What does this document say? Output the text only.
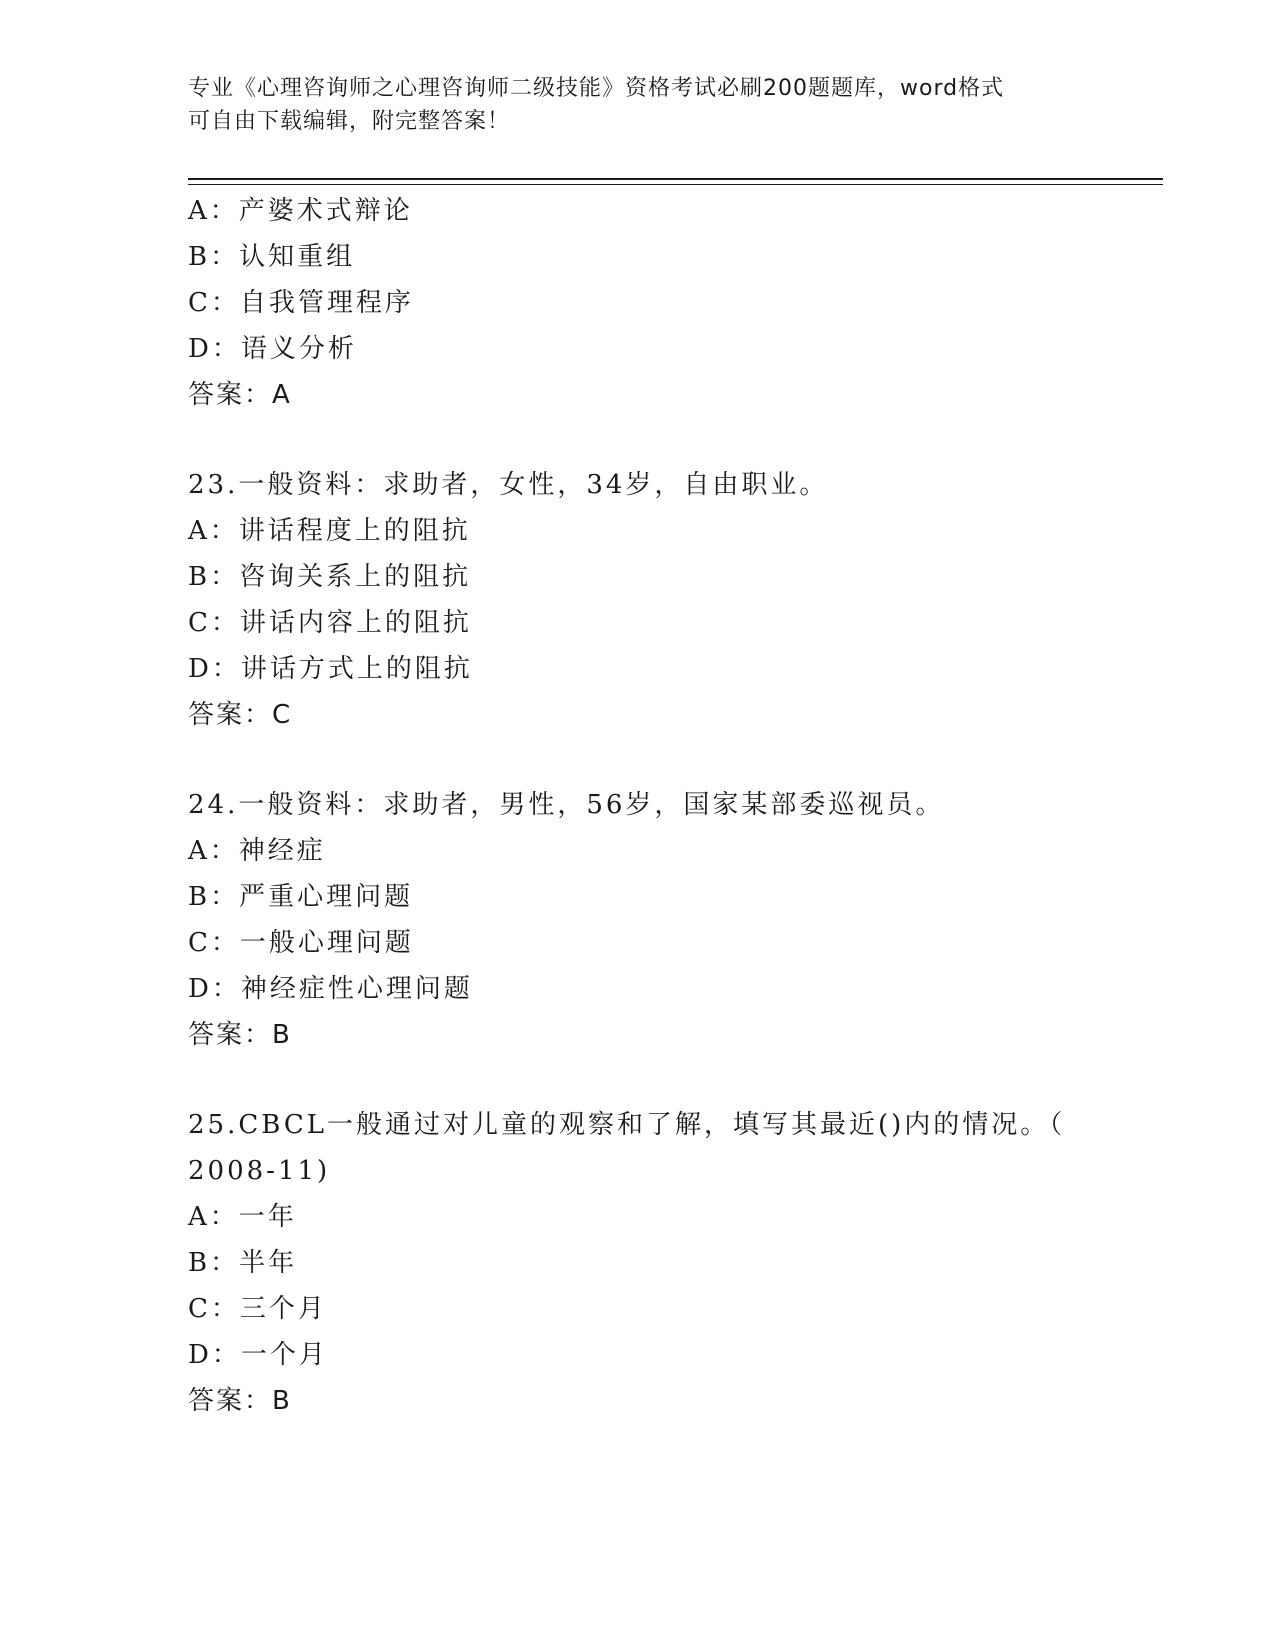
专业《心理咨询师之心理咨询师二级技能》资格考试必刷200题题库，word格式
可自由下载编辑，附完整答案！
A：产婆术式辩论
B：认知重组
C：自我管理程序
D：语义分析
答案：A
23.一般资料：求助者，女性，34岁，自由职业。
A：讲话程度上的阻抗
B：咨询关系上的阻抗
C：讲话内容上的阻抗
D：讲话方式上的阻抗
答案：C
24.一般资料：求助者，男性，56岁，国家某部委巡视员。
A：神经症
B：严重心理问题
C：一般心理问题
D：神经症性心理问题
答案：B
25.CBCL一般通过对儿童的观察和了解，填写其最近()内的情况。（
2008-11)
A：一年
B：半年
C：三个月
D：一个月
答案：B
